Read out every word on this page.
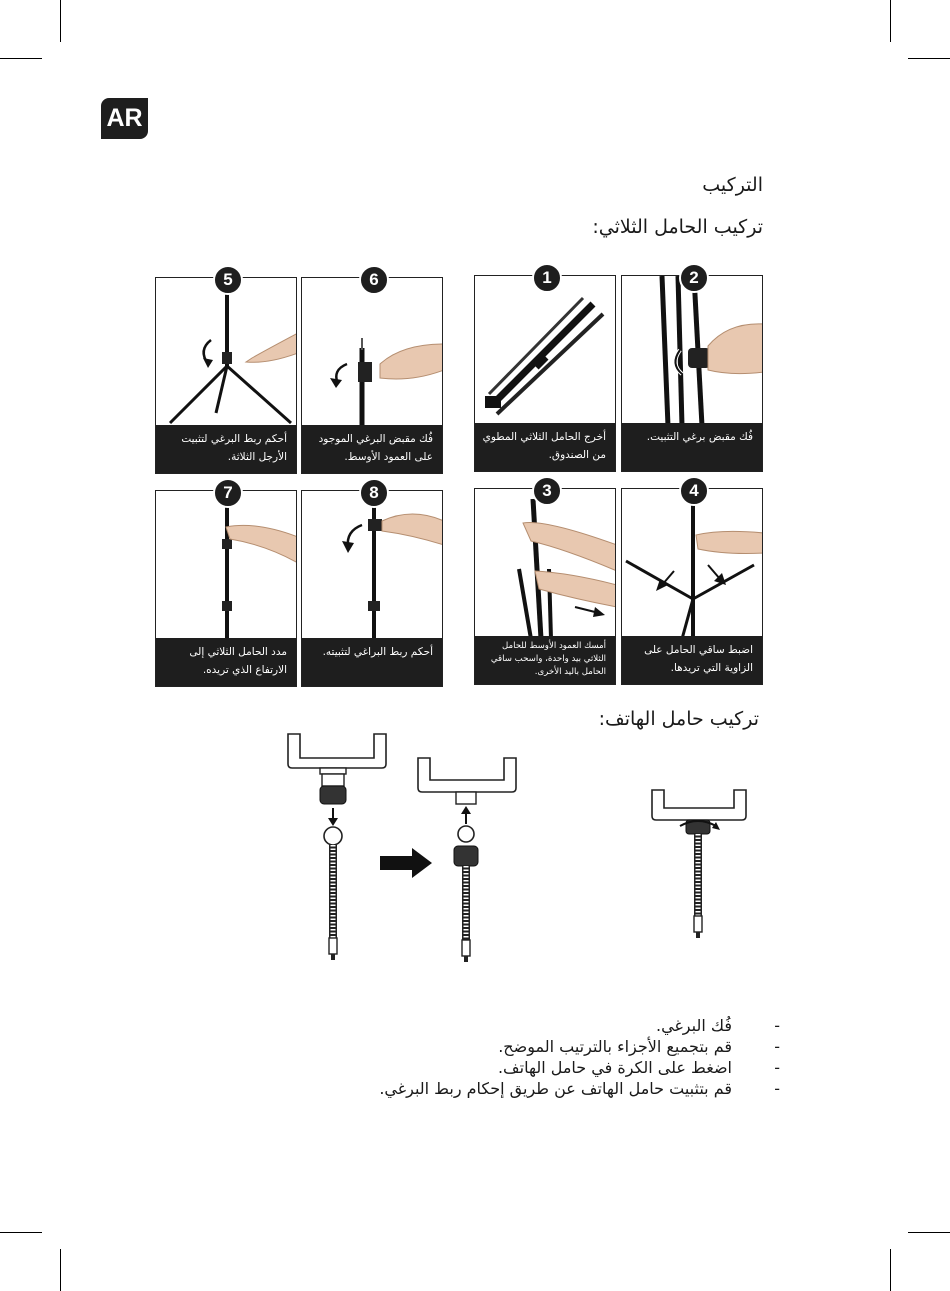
AR
التركيب
تركيب الحامل الثلاثي:
أحكم ربط البرغي لتثبيت الأرجل الثلاثة.
5
فُك مقبض البرغي الموجود على العمود الأوسط.
6
أخرج الحامل الثلاثي المطوي من الصندوق.
1
فُك مقبض برغي التثبيت.
2
مدد الحامل الثلاثي إلى الارتفاع الذي تريده.
7
أحكم ربط البراغي لتثبيته.
8
أمسك العمود الأوسط للحامل الثلاثي بيد واحدة، واسحب ساقي الحامل باليد الأخرى.
3
اضبط ساقي الحامل على الزاوية التي تريدها.
4
تركيب حامل الهاتف:
-
فُك البرغي.
-
قم بتجميع الأجزاء بالترتيب الموضح.
-
اضغط على الكرة في حامل الهاتف.
-
قم بتثبيت حامل الهاتف عن طريق إحكام ربط البرغي.
